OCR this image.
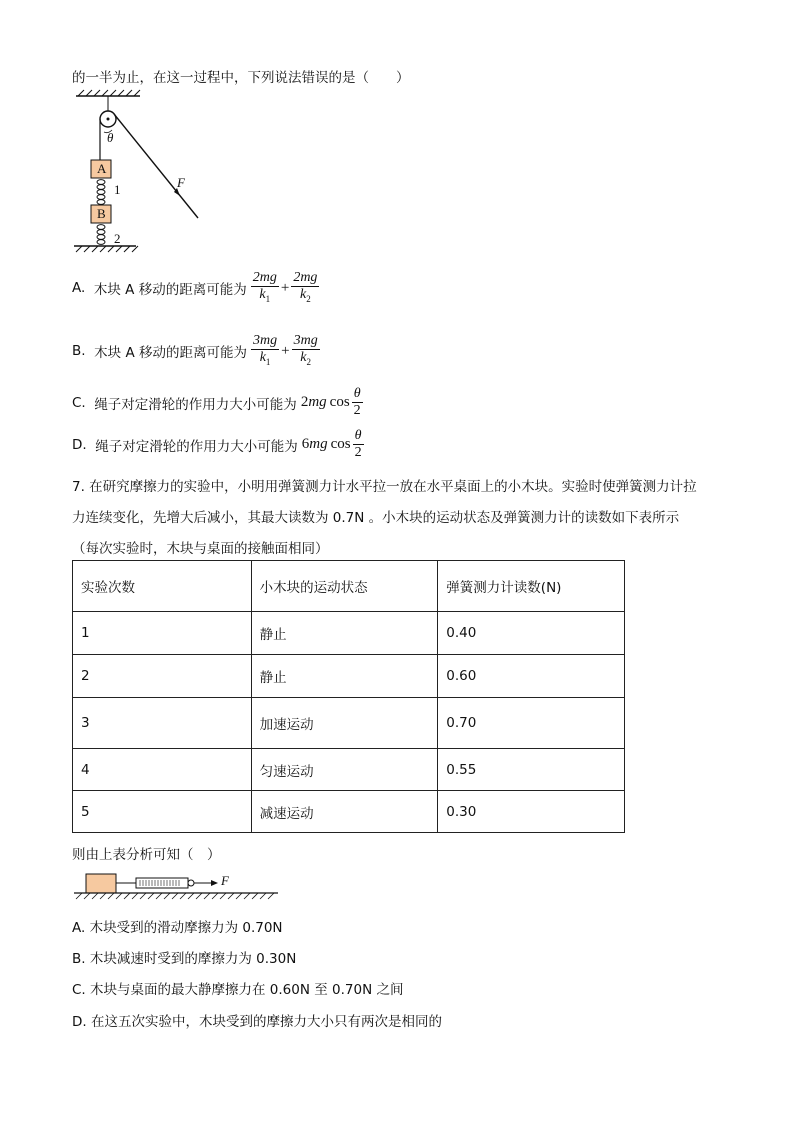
的一半为止，在这一过程中，下列说法错误的是（　　）
θ
A
1
B
2
F
A.
木块 A 移动的距离可能为 $\frac{2mg}{k_1} + \frac{2mg}{k_2}$
B.
木块 A 移动的距离可能为 $\frac{3mg}{k_1} + \frac{3mg}{k_2}$
C.
绳子对定滑轮的作用力大小可能为 2 mg $\cos \frac{\theta}{2}$
D.
绳子对定滑轮的作用力大小可能为 6 mg $\cos \frac{\theta}{2}$
7. 在研究摩擦力的实验中，小明用弹簧测力计水平拉一放在水平桌面上的小木块。实验时使弹簧测力计拉
力连续变化，先增大后减小，其最大读数为 0.7N 。小木块的运动状态及弹簧测力计的读数如下表所示
（每次实验时，木块与桌面的接触面相同）
实验次数	小木块的运动状态	弹簧测力计读数(N)
1	静止	0.40
2	静止	0.60
3	加速运动	0.70
4	匀速运动	0.55
5	减速运动	0.30
则由上表分析可知（　）
F
A. 木块受到的滑动摩擦力为 0.70N
B. 木块减速时受到的摩擦力为 0.30N
C. 木块与桌面的最大静摩擦力在 0.60N 至 0.70N 之间
D. 在这五次实验中，木块受到的摩擦力大小只有两次是相同的
